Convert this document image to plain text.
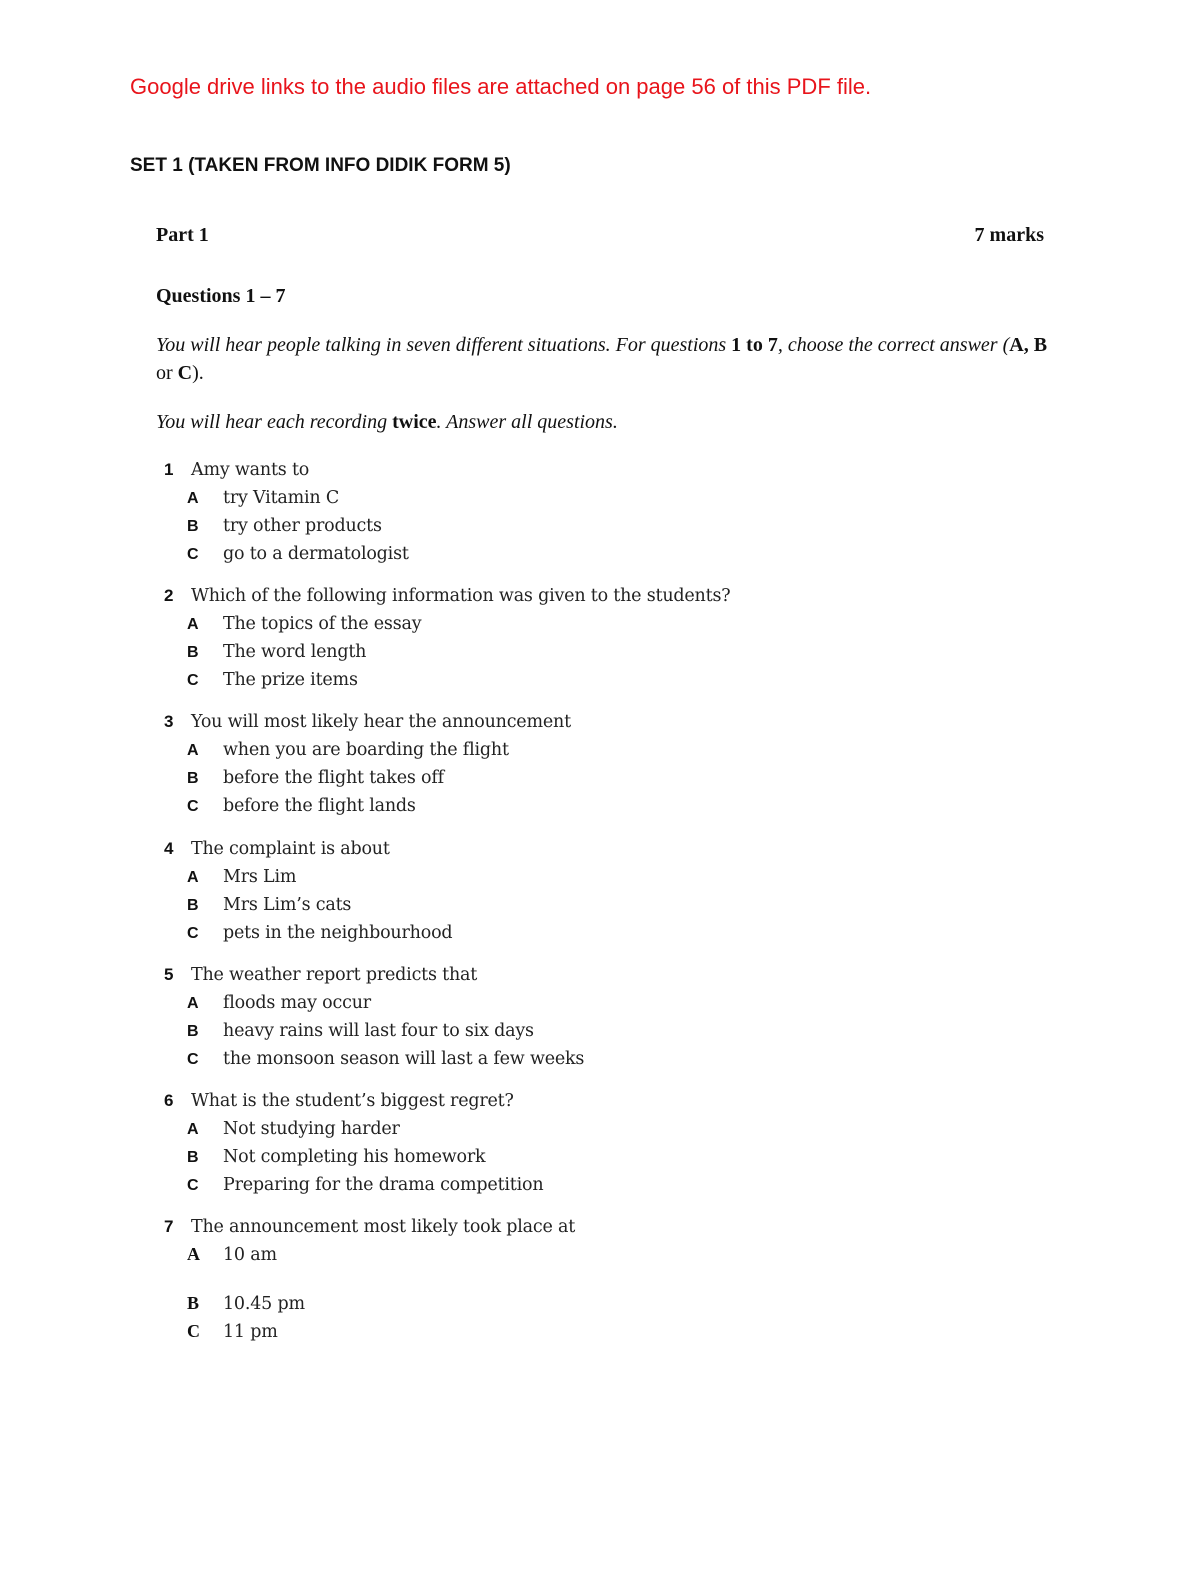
Google drive links to the audio files are attached on page 56 of this PDF file.
SET 1 (TAKEN FROM INFO DIDIK FORM 5)
Part 1	7 marks
Questions 1 – 7
You will hear people talking in seven different situations. For questions 1 to 7, choose the correct answer (A, B or C).
You will hear each recording twice. Answer all questions.
1 Amy wants to
A try Vitamin C
B try other products
C go to a dermatologist
2 Which of the following information was given to the students?
A The topics of the essay
B The word length
C The prize items
3 You will most likely hear the announcement
A when you are boarding the flight
B before the flight takes off
C before the flight lands
4 The complaint is about
A Mrs Lim
B Mrs Lim’s cats
C pets in the neighbourhood
5 The weather report predicts that
A floods may occur
B heavy rains will last four to six days
C the monsoon season will last a few weeks
6 What is the student’s biggest regret?
A Not studying harder
B Not completing his homework
C Preparing for the drama competition
7 The announcement most likely took place at
A 10 am
B 10.45 pm
C 11 pm
